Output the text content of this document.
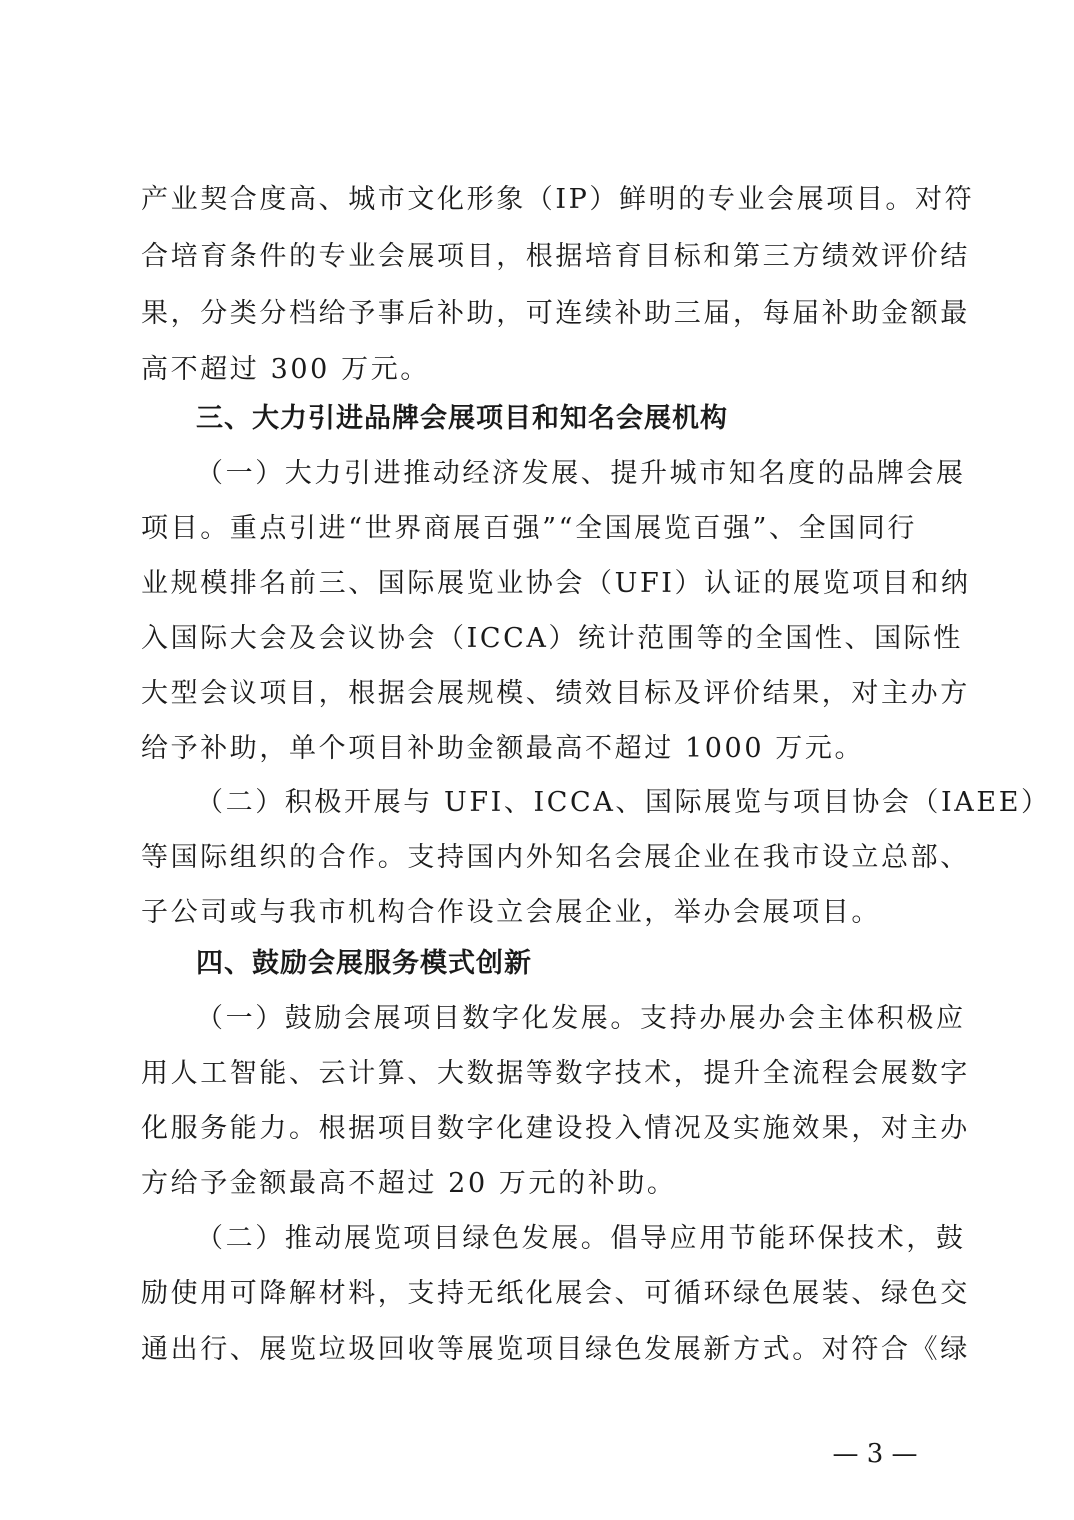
产业契合度高、城市文化形象（IP）鲜明的专业会展项目。对符
合培育条件的专业会展项目，根据培育目标和第三方绩效评价结
果，分类分档给予事后补助，可连续补助三届，每届补助金额最
高不超过 300 万元。
三、大力引进品牌会展项目和知名会展机构
（一）大力引进推动经济发展、提升城市知名度的品牌会展
项目。重点引进“世界商展百强”“全国展览百强”、全国同行
业规模排名前三、国际展览业协会（UFI）认证的展览项目和纳
入国际大会及会议协会（ICCA）统计范围等的全国性、国际性
大型会议项目，根据会展规模、绩效目标及评价结果，对主办方
给予补助，单个项目补助金额最高不超过 1000 万元。
（二）积极开展与 UFI、ICCA、国际展览与项目协会（IAEE）
等国际组织的合作。支持国内外知名会展企业在我市设立总部、
子公司或与我市机构合作设立会展企业，举办会展项目。
四、鼓励会展服务模式创新
（一）鼓励会展项目数字化发展。支持办展办会主体积极应
用人工智能、云计算、大数据等数字技术，提升全流程会展数字
化服务能力。根据项目数字化建设投入情况及实施效果，对主办
方给予金额最高不超过 20 万元的补助。
（二）推动展览项目绿色发展。倡导应用节能环保技术，鼓
励使用可降解材料，支持无纸化展会、可循环绿色展装、绿色交
通出行、展览垃圾回收等展览项目绿色发展新方式。对符合《绿
— 3 —
